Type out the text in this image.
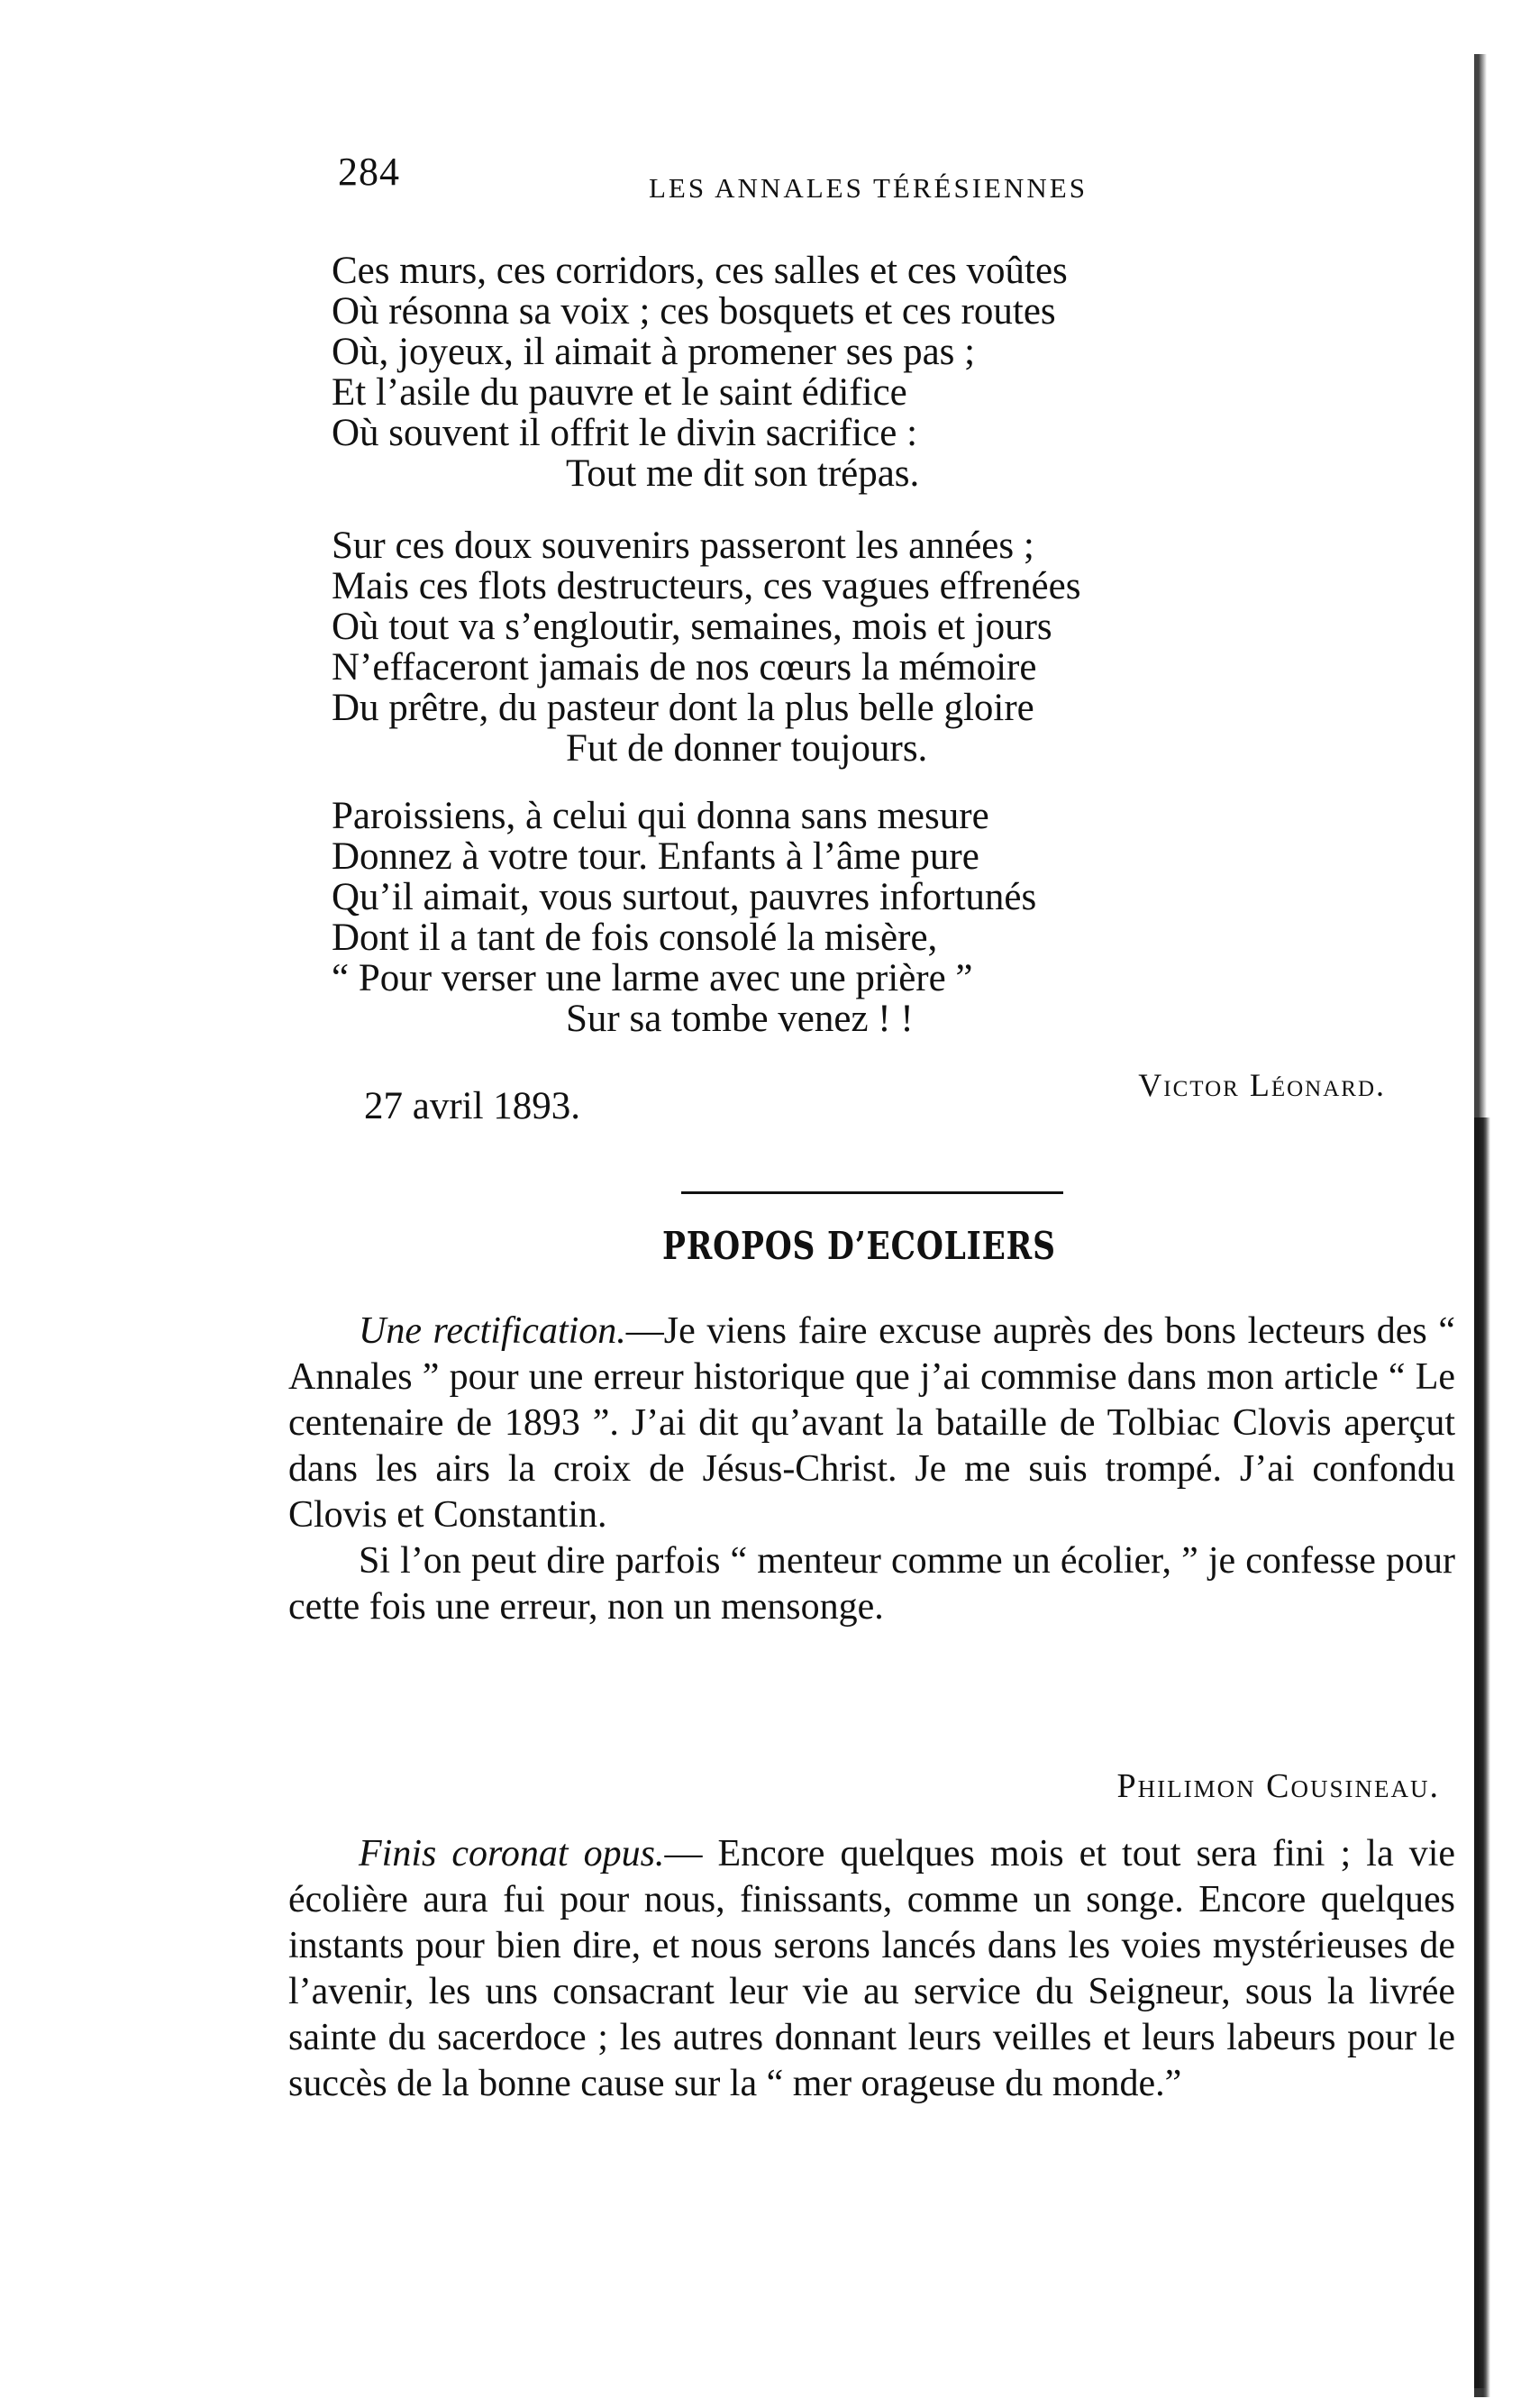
284	LES ANNALES TÉRÉSIENNES
Ces murs, ces corridors, ces salles et ces voûtes
Où résonna sa voix ; ces bosquets et ces routes
Où, joyeux, il aimait à promener ses pas ;
Et l’asile du pauvre et le saint édifice
Où souvent il offrit le divin sacrifice :
Tout me dit son trépas.
Sur ces doux souvenirs passeront les années ;
Mais ces flots destructeurs, ces vagues effrenées
Où tout va s’engloutir, semaines, mois et jours
N’effaceront jamais de nos cœurs la mémoire
Du prêtre, du pasteur dont la plus belle gloire
Fut de donner toujours.
Paroissiens, à celui qui donna sans mesure
Donnez à votre tour. Enfants à l’âme pure
Qu’il aimait, vous surtout, pauvres infortunés
Dont il a tant de fois consolé la misère,
“ Pour verser une larme avec une prière ”
Sur sa tombe venez ! !
Victor Léonard.
27 avril 1893.
PROPOS D’ECOLIERS

Une rectification.—Je viens faire excuse auprès des bons lecteurs des “ Annales ” pour une erreur historique que j’ai commise dans mon article “ Le centenaire de 1893 ”. J’ai dit qu’avant la bataille de Tolbiac Clovis aperçut dans les airs la croix de Jésus-Christ. Je me suis trompé. J’ai confondu Clovis et Constantin.

Si l’on peut dire parfois “ menteur comme un écolier, ” je confesse pour cette fois une erreur, non un mensonge.

Philimon Cousineau.

Finis coronat opus.— Encore quelques mois et tout sera fini ; la vie écolière aura fui pour nous, finissants, comme un songe. Encore quelques instants pour bien dire, et nous serons lancés dans les voies mystérieuses de l’avenir, les uns consacrant leur vie au service du Seigneur, sous la livrée sainte du sacerdoce ; les autres donnant leurs veilles et leurs labeurs pour le succès de la bonne cause sur la “ mer orageuse du monde.”
